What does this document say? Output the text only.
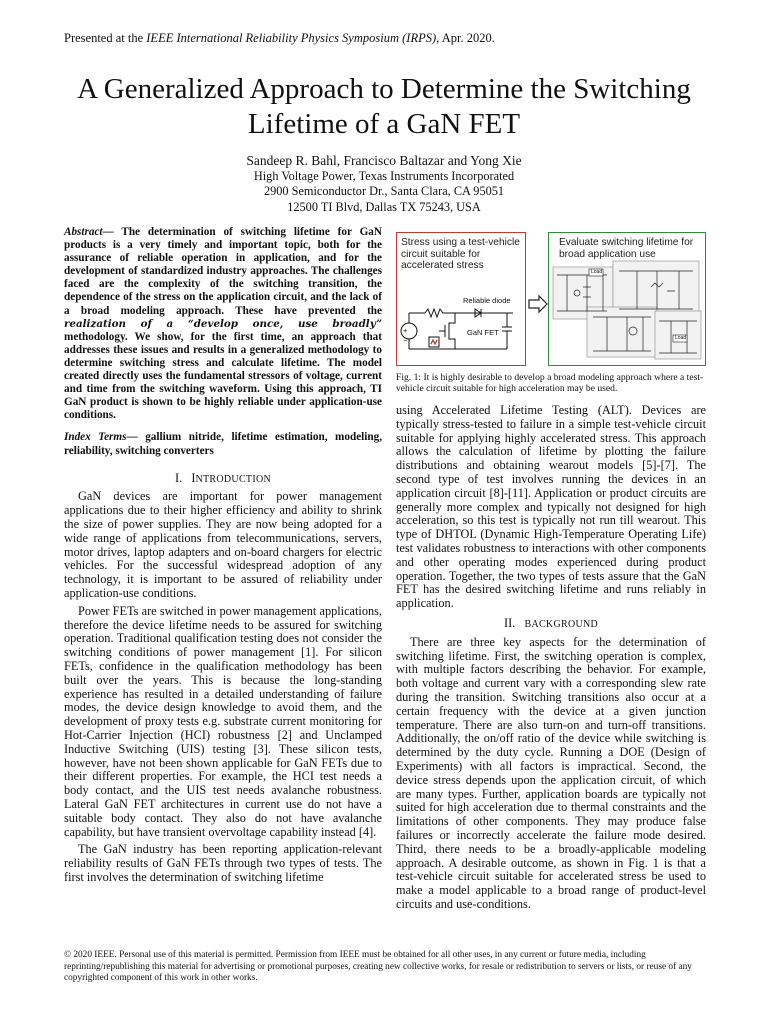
Presented at the IEEE International Reliability Physics Symposium (IRPS), Apr. 2020.
A Generalized Approach to Determine the Switching Lifetime of a GaN FET
Sandeep R. Bahl, Francisco Baltazar and Yong Xie
High Voltage Power, Texas Instruments Incorporated
2900 Semiconductor Dr., Santa Clara, CA 95051
12500 TI Blvd, Dallas TX 75243, USA
Abstract— The determination of switching lifetime for GaN products is a very timely and important topic, both for the assurance of reliable operation in application, and for the development of standardized industry approaches. The challenges faced are the complexity of the switching transition, the dependence of the stress on the application circuit, and the lack of a broad modeling approach. These have prevented the realization of a “develop once, use broadly” methodology. We show, for the first time, an approach that addresses these issues and results in a generalized methodology to determine switching stress and calculate lifetime. The model created directly uses the fundamental stressors of voltage, current and time from the switching waveform. Using this approach, TI GaN product is shown to be highly reliable under application-use conditions.
Index Terms— gallium nitride, lifetime estimation, modeling, reliability, switching converters
I. INTRODUCTION

GaN devices are important for power management applications due to their higher efficiency and ability to shrink the size of power supplies. They are now being adopted for a wide range of applications from telecommunications, servers, motor drives, laptop adapters and on-board chargers for electric vehicles. For the successful widespread adoption of any technology, it is important to be assured of reliability under application-use conditions.

Power FETs are switched in power management applications, therefore the device lifetime needs to be assured for switching operation. Traditional qualification testing does not consider the switching conditions of power management [1]. For silicon FETs, confidence in the qualification methodology has been built over the years. This is because the long-standing experience has resulted in a detailed understanding of failure modes, the device design knowledge to avoid them, and the development of proxy tests e.g. substrate current monitoring for Hot-Carrier Injection (HCI) robustness [2] and Unclamped Inductive Switching (UIS) testing [3]. These silicon tests, however, have not been shown applicable for GaN FETs due to their different properties. For example, the HCI test needs a body contact, and the UIS test needs avalanche robustness. Lateral GaN FET architectures in current use do not have a suitable body contact. They also do not have avalanche capability, but have transient overvoltage capability instead [4].

The GaN industry has been reporting application-relevant reliability results of GaN FETs through two types of tests. The first involves the determination of switching lifetime

Stress using a test-vehicle circuit suitable for accelerated stress
+
−
Reliable diode
GaN FET
Evaluate switching lifetime for broad application use
Load
Load
Fig. 1: It is highly desirable to develop a broad modeling approach where a test-vehicle circuit suitable for high acceleration may be used.

using Accelerated Lifetime Testing (ALT). Devices are typically stress-tested to failure in a simple test-vehicle circuit suitable for applying highly accelerated stress. This approach allows the calculation of lifetime by plotting the failure distributions and obtaining wearout models [5]-[7]. The second type of test involves running the devices in an application circuit [8]-[11]. Application or product circuits are generally more complex and typically not designed for high acceleration, so this test is typically not run till wearout. This type of DHTOL (Dynamic High-Temperature Operating Life) test validates robustness to interactions with other components and other operating modes experienced during product operation. Together, the two types of tests assure that the GaN FET has the desired switching lifetime and runs reliably in application.

II. BACKGROUND

There are three key aspects for the determination of switching lifetime. First, the switching operation is complex, with multiple factors describing the behavior. For example, both voltage and current vary with a corresponding slew rate during the transition. Switching transitions also occur at a certain frequency with the device at a given junction temperature. There are also turn-on and turn-off transitions. Additionally, the on/off ratio of the device while switching is determined by the duty cycle. Running a DOE (Design of Experiments) with all factors is impractical. Second, the device stress depends upon the application circuit, of which are many types. Further, application boards are typically not suited for high acceleration due to thermal constraints and the limitations of other components. They may produce false failures or incorrectly accelerate the failure mode desired. Third, there needs to be a broadly-applicable modeling approach. A desirable outcome, as shown in Fig. 1 is that a test-vehicle circuit suitable for accelerated stress be used to make a model applicable to a broad range of product-level circuits and use-conditions.

© 2020 IEEE. Personal use of this material is permitted. Permission from IEEE must be obtained for all other uses, in any current or future media, including reprinting/republishing this material for advertising or promotional purposes, creating new collective works, for resale or redistribution to servers or lists, or reuse of any copyrighted component of this work in other works.
